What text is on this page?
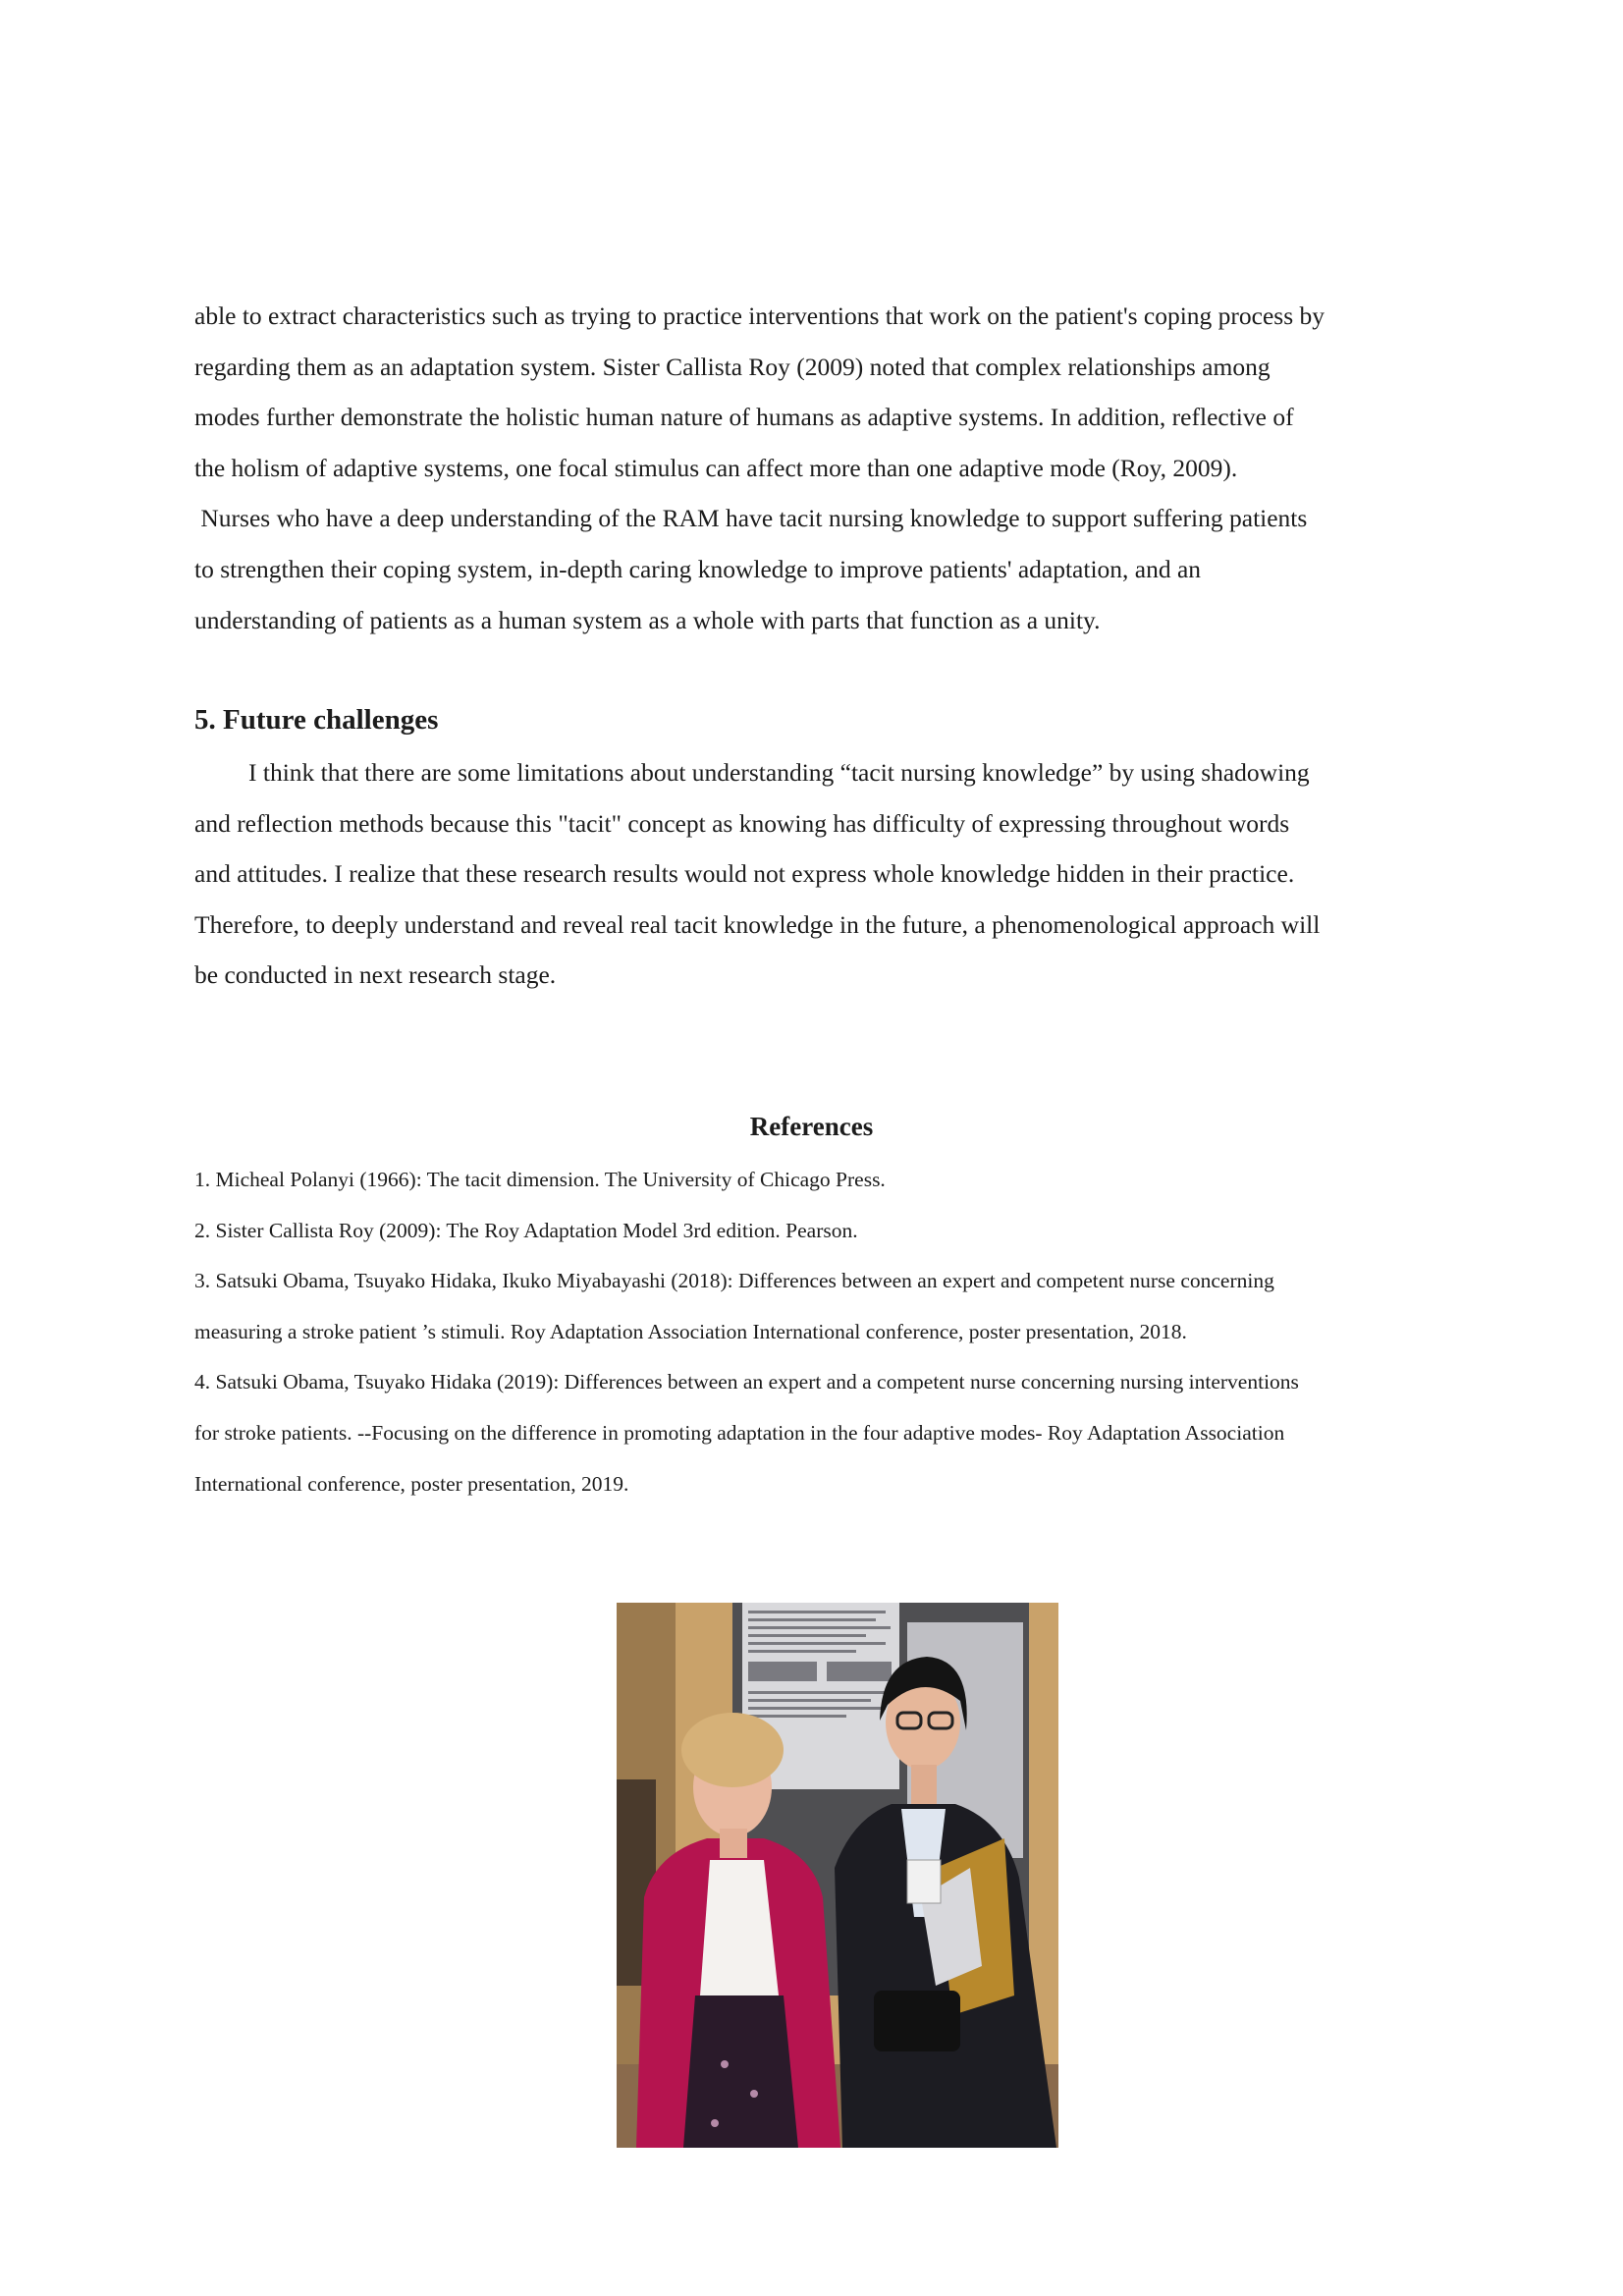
able to extract characteristics such as trying to practice interventions that work on the patient's coping process by

regarding them as an adaptation system. Sister Callista Roy (2009) noted that complex relationships among

modes further demonstrate the holistic human nature of humans as adaptive systems. In addition, reflective of

the holism of adaptive systems, one focal stimulus can affect more than one adaptive mode (Roy, 2009).

Nurses who have a deep understanding of the RAM have tacit nursing knowledge to support suffering patients

to strengthen their coping system, in-depth caring knowledge to improve patients' adaptation, and an

understanding of patients as a human system as a whole with parts that function as a unity.

5. Future challenges

I think that there are some limitations about understanding “tacit nursing knowledge” by using shadowing

and reflection methods because this "tacit" concept as knowing has difficulty of expressing throughout words

and attitudes. I realize that these research results would not express whole knowledge hidden in their practice.

Therefore, to deeply understand and reveal real tacit knowledge in the future, a phenomenological approach will

be conducted in next research stage.

References

1. Micheal Polanyi (1966): The tacit dimension. The University of Chicago Press.

2. Sister Callista Roy (2009): The Roy Adaptation Model 3rd edition. Pearson.

3. Satsuki Obama, Tsuyako Hidaka, Ikuko Miyabayashi (2018): Differences between an expert and competent nurse concerning

measuring a stroke patient ’s stimuli. Roy Adaptation Association International conference, poster presentation, 2018.

4. Satsuki Obama, Tsuyako Hidaka (2019): Differences between an expert and a competent nurse concerning nursing interventions

for stroke patients. --Focusing on the difference in promoting adaptation in the four adaptive modes- Roy Adaptation Association

International conference, poster presentation, 2019.
